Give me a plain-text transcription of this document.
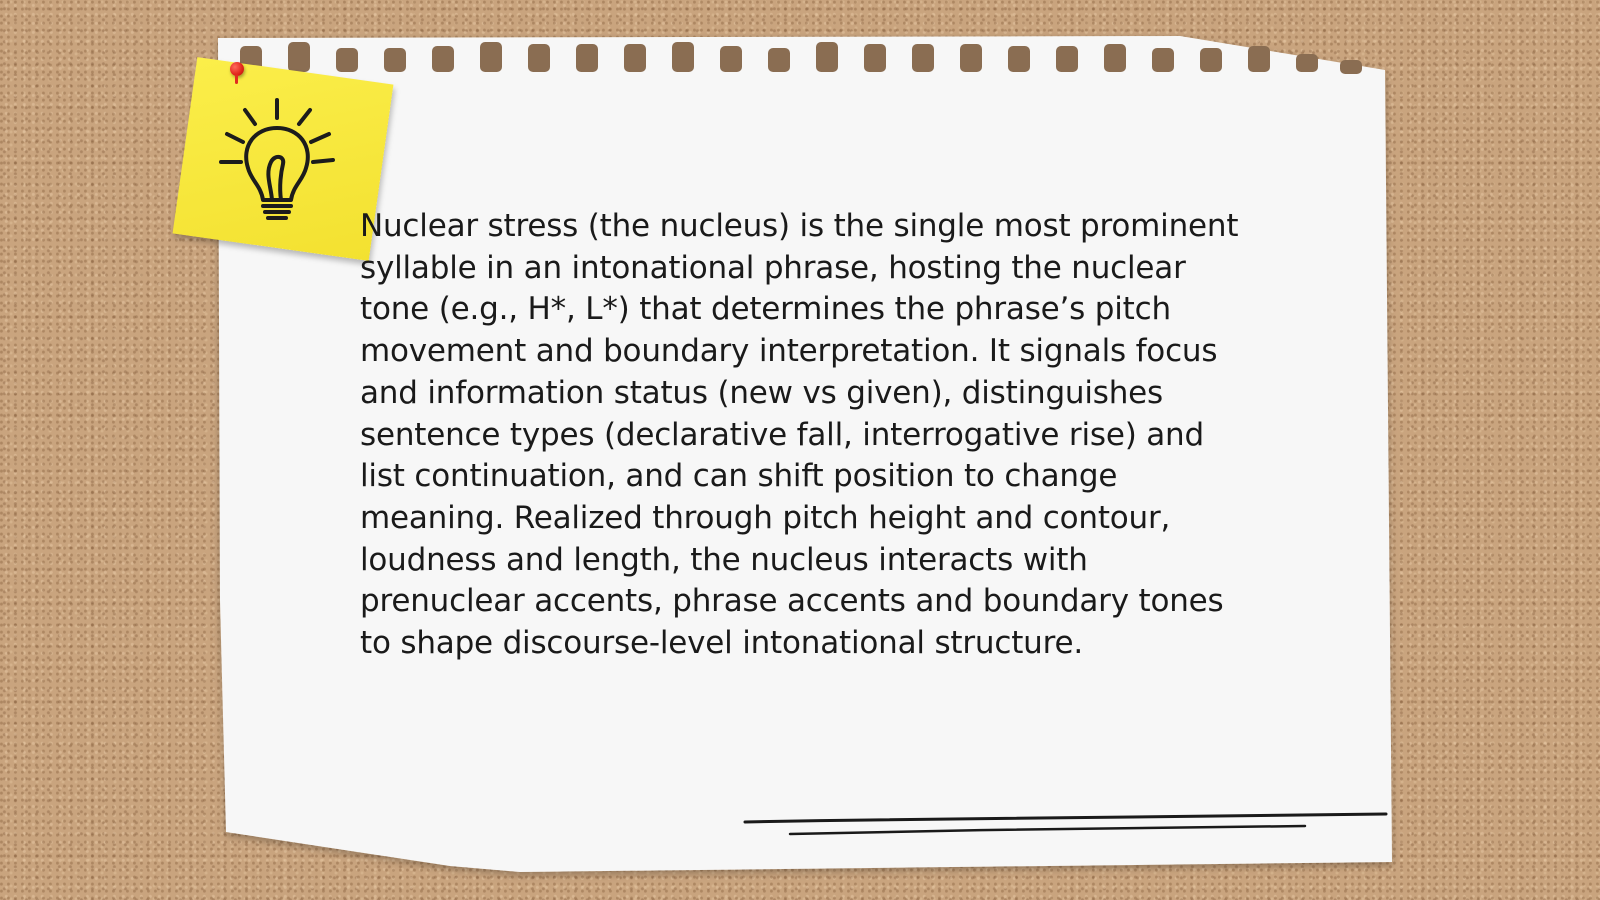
Nuclear stress (the nucleus) is the single most prominent syllable in an intonational phrase, hosting the nuclear tone (e.g., H*, L*) that determines the phrase’s pitch movement and boundary interpretation. It signals focus and information status (new vs given), distinguishes sentence types (declarative fall, interrogative rise) and list continuation, and can shift position to change meaning. Realized through pitch height and contour, loudness and length, the nucleus interacts with prenuclear accents, phrase accents and boundary tones to shape discourse-level intonational structure.
